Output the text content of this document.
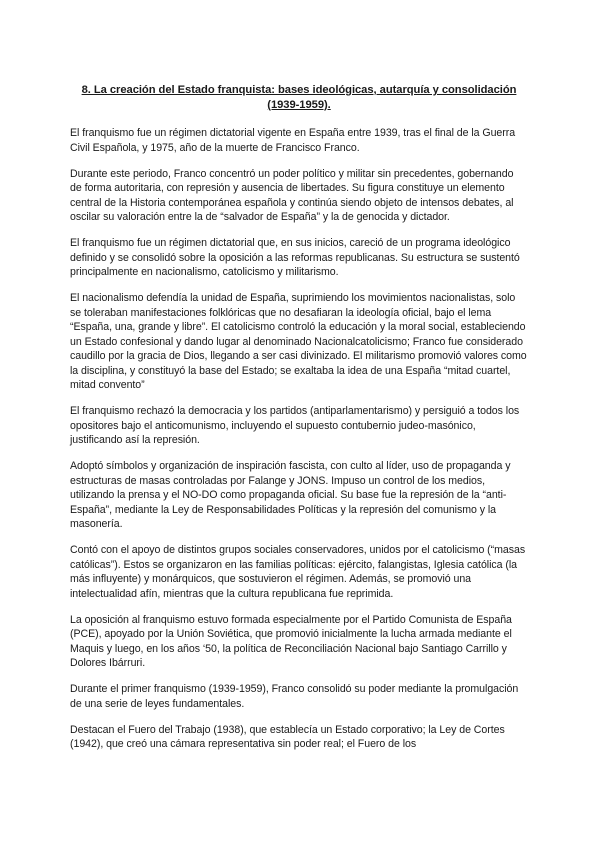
8. La creación del Estado franquista: bases ideológicas, autarquía y consolidación (1939-1959).

El franquismo fue un régimen dictatorial vigente en España entre 1939, tras el final de la Guerra Civil Española, y 1975, año de la muerte de Francisco Franco.

Durante este periodo, Franco concentró un poder político y militar sin precedentes, gobernando de forma autoritaria, con represión y ausencia de libertades. Su figura constituye un elemento central de la Historia contemporánea española y continúa siendo objeto de intensos debates, al oscilar su valoración entre la de “salvador de España” y la de genocida y dictador.

El franquismo fue un régimen dictatorial que, en sus inicios, careció de un programa ideológico definido y se consolidó sobre la oposición a las reformas republicanas. Su estructura se sustentó principalmente en nacionalismo, catolicismo y militarismo.

El nacionalismo defendía la unidad de España, suprimiendo los movimientos nacionalistas, solo se toleraban manifestaciones folklóricas que no desafiaran la ideología oficial, bajo el lema “España, una, grande y libre”. El catolicismo controló la educación y la moral social, estableciendo un Estado confesional y dando lugar al denominado Nacionalcatolicismo; Franco fue considerado caudillo por la gracia de Dios, llegando a ser casi divinizado. El militarismo promovió valores como la disciplina, y constituyó la base del Estado; se exaltaba la idea de una España “mitad cuartel, mitad convento”

El franquismo rechazó la democracia y los partidos (antiparlamentarismo) y persiguió a todos los opositores bajo el anticomunismo, incluyendo el supuesto contubernio judeo-masónico, justificando así la represión.

Adoptó símbolos y organización de inspiración fascista, con culto al líder, uso de propaganda y estructuras de masas controladas por Falange y JONS. Impuso un control de los medios, utilizando la prensa y el NO-DO como propaganda oficial. Su base fue la represión de la “anti-España”, mediante la Ley de Responsabilidades Políticas y la represión del comunismo y la masonería.

Contó con el apoyo de distintos grupos sociales conservadores, unidos por el catolicismo (“masas católicas”). Estos se organizaron en las familias políticas: ejército, falangistas, Iglesia católica (la más influyente) y monárquicos, que sostuvieron el régimen. Además, se promovió una intelectualidad afín, mientras que la cultura republicana fue reprimida.

La oposición al franquismo estuvo formada especialmente por el Partido Comunista de España (PCE), apoyado por la Unión Soviética, que promovió inicialmente la lucha armada mediante el Maquis y luego, en los años ‘50, la política de Reconciliación Nacional bajo Santiago Carrillo y Dolores Ibárruri.

Durante el primer franquismo (1939-1959), Franco consolidó su poder mediante la promulgación de una serie de leyes fundamentales.

Destacan el Fuero del Trabajo (1938), que establecía un Estado corporativo; la Ley de Cortes (1942), que creó una cámara representativa sin poder real; el Fuero de los
